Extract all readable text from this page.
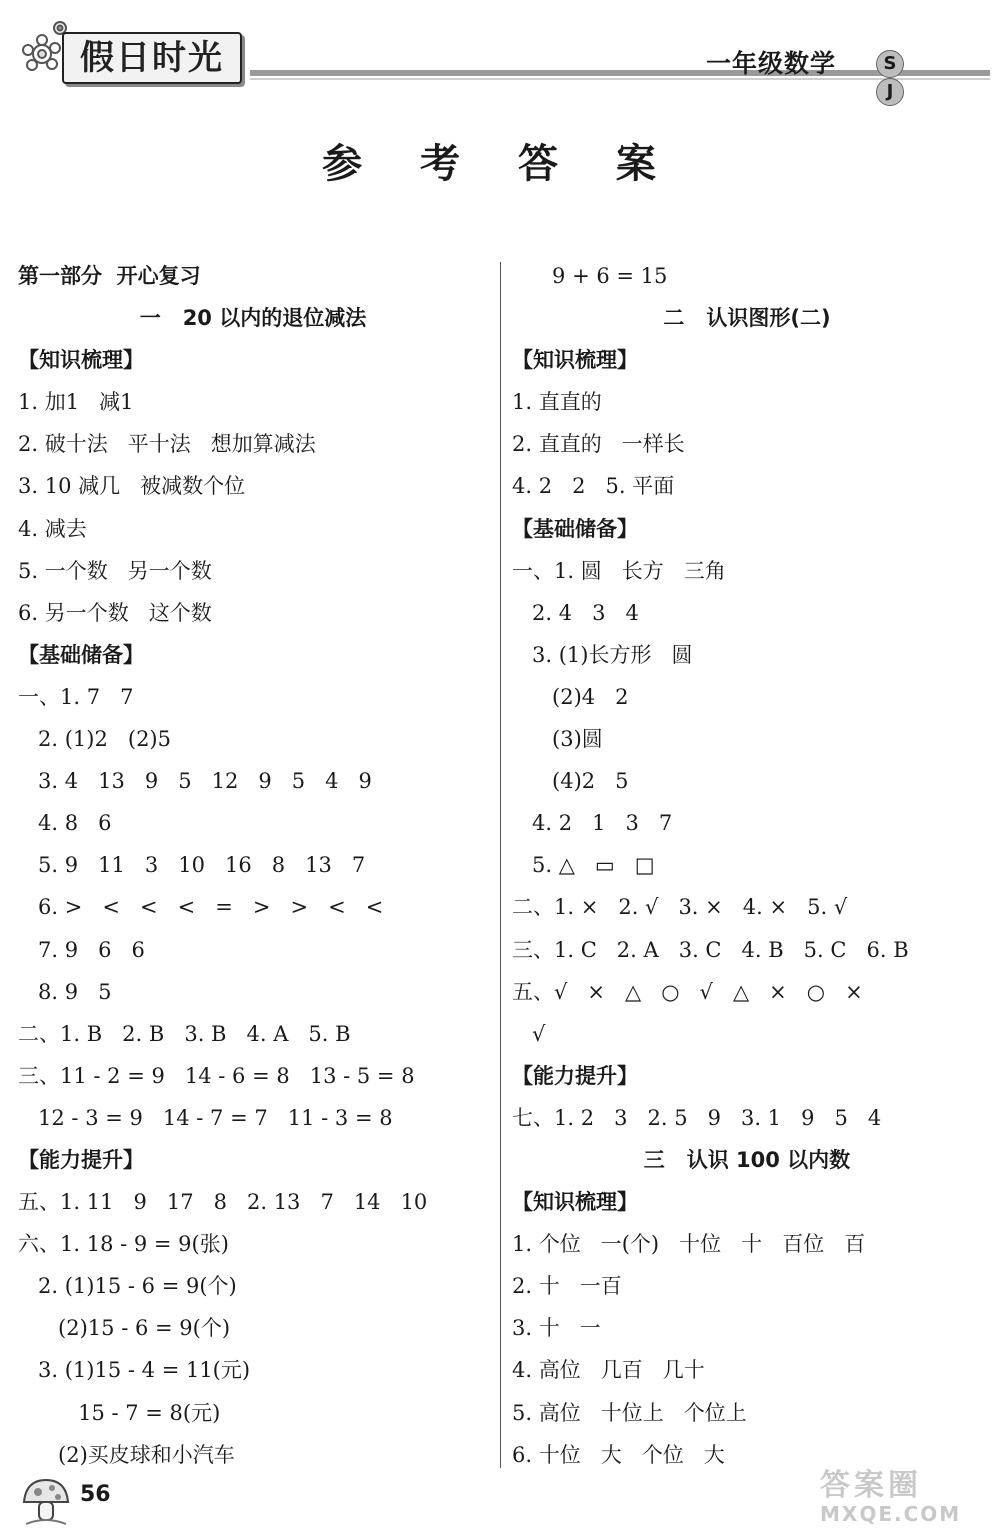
假日时光	一年级数学	SJ
参 考 答 案
第一部分  开心复习
一   20 以内的退位减法
【知识梳理】
1. 加1   减1
2. 破十法   平十法   想加算减法
3. 10 减几   被减数个位
4. 减去
5. 一个数   另一个数
6. 另一个数   这个数
【基础储备】
一、1. 7   7
2. (1)2   (2)5
3. 4   13   9   5   12   9   5   4   9
4. 8   6
5. 9   11   3   10   16   8   13   7
6. >   <   <   <   =   >   >   <   <
7. 9   6   6
8. 9   5
二、1. B   2. B   3. B   4. A   5. B
三、11 - 2 = 9   14 - 6 = 8   13 - 5 = 8
12 - 3 = 9   14 - 7 = 7   11 - 3 = 8
【能力提升】
五、1. 11   9   17   8   2. 13   7   14   10
六、1. 18 - 9 = 9(张)
2. (1)15 - 6 = 9(个)
(2)15 - 6 = 9(个)
3. (1)15 - 4 = 11(元)
15 - 7 = 8(元)
(2)买皮球和小汽车
9 + 6 = 15
二   认识图形(二)
【知识梳理】
1. 直直的
2. 直直的   一样长
4. 2   2   5. 平面
【基础储备】
一、1. 圆   长方   三角
2. 4   3   4
3. (1)长方形   圆
(2)4   2
(3)圆
(4)2   5
4. 2   1   3   7
5. △   ▭   □
二、1. ×   2. √   3. ×   4. ×   5. √
三、1. C   2. A   3. C   4. B   5. C   6. B
五、√   ×   △   ○   √   △   ×   ○   ×
√
【能力提升】
七、1. 2   3   2. 5   9   3. 1   9   5   4
三   认识 100 以内数
【知识梳理】
1. 个位   一(个)   十位   十   百位   百
2. 十   一百
3. 十   一
4. 高位   几百   几十
5. 高位   十位上   个位上
6. 十位   大   个位   大
56	答案圈
MXQE.COM
